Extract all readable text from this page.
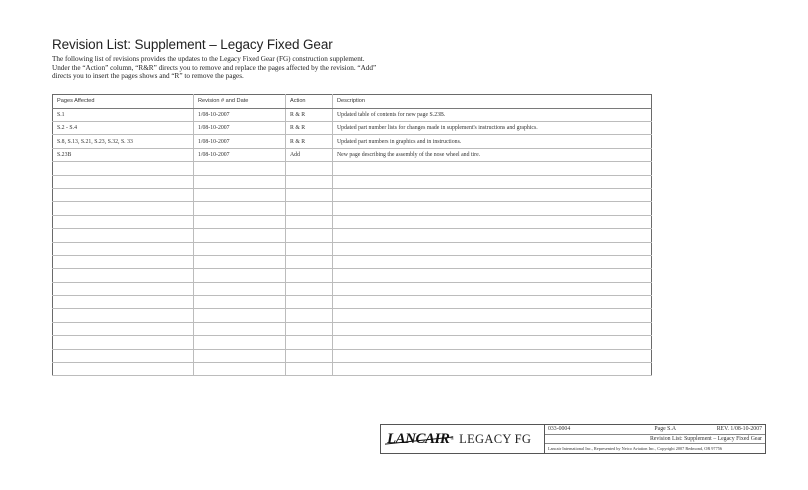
Revision List: Supplement – Legacy Fixed Gear
The following list of revisions provides the updates to the Legacy Fixed Gear (FG) construction supplement.
Under the “Action” column, “R&R” directs you to remove and replace the pages affected by the revision. “Add”
directs you to insert the pages shows and “R” to remove the pages.
Pages Affected	Revision # and Date	Action	Description
S.1	1/08-10-2007	R & R	Updated table of contents for new page S.23B.
S.2 - S.4	1/08-10-2007	R & R	Updated part number lists for changes made in supplement's instructions and graphics.
S.8, S.13, S.21, S.23, S.32, S. 33	1/08-10-2007	R & R	Updated part numbers in graphics and in instructions.
S.23B	1/08-10-2007	Add	New page describing the assembly of the nose wheel and tire.

LANCAIR ® LEGACY FG
033-0004	Page S.A	REV. 1/08-10-2007
Revision List: Supplement – Legacy Fixed Gear
Lancair International Inc., Represented by Neico Aviation Inc., Copyright 2007 Redmond, OR 97756
